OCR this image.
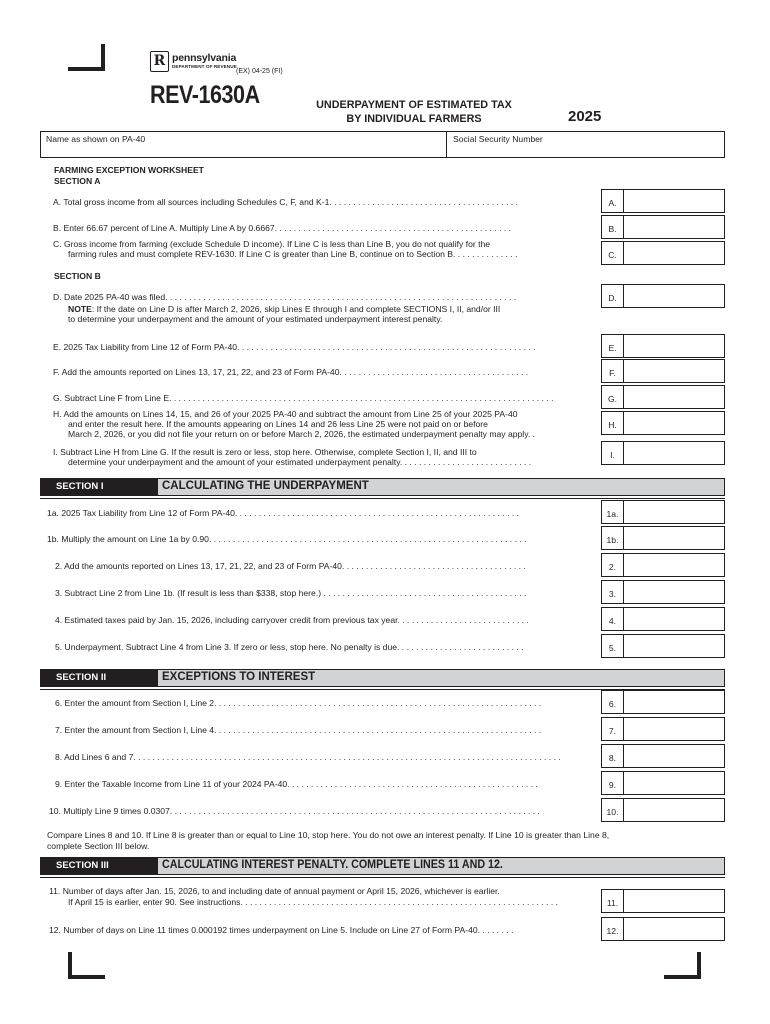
R pennsylvania
DEPARTMENT OF REVENUE
(EX) 04-25 (FI)
REV-1630A	UNDERPAYMENT OF ESTIMATED TAX
BY INDIVIDUAL FARMERS	2025
Name as shown on PA-40	Social Security Number
FARMING EXCEPTION WORKSHEET
SECTION A
A. Total gross income from all sources including Schedules C, F, and K-1. . . . . . . . . . . . . . . . . . . . . . . . . . . . . . . . . . . . . . . .	A.
B. Enter 66.67 percent of Line A. Multiply Line A by 0.6667. . . . . . . . . . . . . . . . . . . . . . . . . . . . . . . . . . . . . . . . . . . . . . . . . .	B.
C. Gross income from farming (exclude Schedule D income). If Line C is less than Line B, you do not qualify for the
farming rules and must complete REV-1630. If Line C is greater than Line B, continue on to Section B. . . . . . . . . . . . . .	C.
SECTION B
D. Date 2025 PA-40 was filed. . . . . . . . . . . . . . . . . . . . . . . . . . . . . . . . . . . . . . . . . . . . . . . . . . . . . . . . . . . . . . . . . . . . . . . . . .
NOTE: If the date on Line D is after March 2, 2026, skip Lines E through I and complete SECTIONS I, II, and/or III
to determine your underpayment and the amount of your estimated underpayment interest penalty.
D.
E. 2025 Tax Liability from Line 12 of Form PA-40. . . . . . . . . . . . . . . . . . . . . . . . . . . . . . . . . . . . . . . . . . . . . . . . . . . . . . . . . . . . . . .	E.
F. Add the amounts reported on Lines 13, 17, 21, 22, and 23 of Form PA-40. . . . . . . . . . . . . . . . . . . . . . . . . . . . . . . . . . . . . . . .	F.
G. Subtract Line F from Line E. . . . . . . . . . . . . . . . . . . . . . . . . . . . . . . . . . . . . . . . . . . . . . . . . . . . . . . . . . . . . . . . . . . . . . . . . . . . . . . . .	G.
H. Add the amounts on Lines 14, 15, and 26 of your 2025 PA-40 and subtract the amount from Line 25 of your 2025 PA-40
and enter the result here. If the amounts appearing on Lines 14 and 26 less Line 25 were not paid on or before
March 2, 2026, or you did not file your return on or before March 2, 2026, the estimated underpayment penalty may apply. .
H.
I. Subtract Line H from Line G. If the result is zero or less, stop here. Otherwise, complete Section I, II, and III to
determine your underpayment and the amount of your estimated underpayment penalty. . . . . . . . . . . . . . . . . . . . . . . . . . . .
I.
SECTION I	CALCULATING THE UNDERPAYMENT
1a. 2025 Tax Liability from Line 12 of Form PA-40. . . . . . . . . . . . . . . . . . . . . . . . . . . . . . . . . . . . . . . . . . . . . . . . . . . . . . . . . . . .	1a.
1b. Multiply the amount on Line 1a by 0.90. . . . . . . . . . . . . . . . . . . . . . . . . . . . . . . . . . . . . . . . . . . . . . . . . . . . . . . . . . . . . . . . . . .	1b.
2. Add the amounts reported on Lines 13, 17, 21, 22, and 23 of Form PA-40. . . . . . . . . . . . . . . . . . . . . . . . . . . . . . . . . . . . . . .	2.
3. Subtract Line 2 from Line 1b. (If result is less than $338, stop here.) . . . . . . . . . . . . . . . . . . . . . . . . . . . . . . . . . . . . . . . . . . .	3.
4. Estimated taxes paid by Jan. 15, 2026, including carryover credit from previous tax year. . . . . . . . . . . . . . . . . . . . . . . . . . . .	4.
5. Underpayment. Subtract Line 4 from Line 3. If zero or less, stop here. No penalty is due. . . . . . . . . . . . . . . . . . . . . . . . . . .	5.
SECTION II	EXCEPTIONS TO INTEREST
6. Enter the amount from Section I, Line 2. . . . . . . . . . . . . . . . . . . . . . . . . . . . . . . . . . . . . . . . . . . . . . . . . . . . . . . . . . . . . . . . . . . . .	6.
7. Enter the amount from Section I, Line 4. . . . . . . . . . . . . . . . . . . . . . . . . . . . . . . . . . . . . . . . . . . . . . . . . . . . . . . . . . . . . . . . . . . . .	7.
8. Add Lines 6 and 7. . . . . . . . . . . . . . . . . . . . . . . . . . . . . . . . . . . . . . . . . . . . . . . . . . . . . . . . . . . . . . . . . . . . . . . . . . . . . . . . . . . . . . . . . .	8.
9. Enter the Taxable Income from Line 11 of your 2024 PA-40. . . . . . . . . . . . . . . . . . . . . . . . . . . . . . . . . . . . . . . . . . . . . . . . . . . . .	9.
10. Multiply Line 9 times 0.0307. . . . . . . . . . . . . . . . . . . . . . . . . . . . . . . . . . . . . . . . . . . . . . . . . . . . . . . . . . . . . . . . . . . . . . . . . . . . . .	10.
Compare Lines 8 and 10. If Line 8 is greater than or equal to Line 10, stop here. You do not owe an interest penalty. If Line 10 is greater than Line 8,
complete Section III below.
SECTION III	CALCULATING INTEREST PENALTY. COMPLETE LINES 11 AND 12.
11. Number of days after Jan. 15, 2026, to and including date of annual payment or April 15, 2026, whichever is earlier.
If April 15 is earlier, enter 90. See instructions. . . . . . . . . . . . . . . . . . . . . . . . . . . . . . . . . . . . . . . . . . . . . . . . . . . . . . . . . . . . . . . . . . .	11.
12. Number of days on Line 11 times 0.000192 times underpayment on Line 5. Include on Line 27 of Form PA-40. . . . . . . .	12.
